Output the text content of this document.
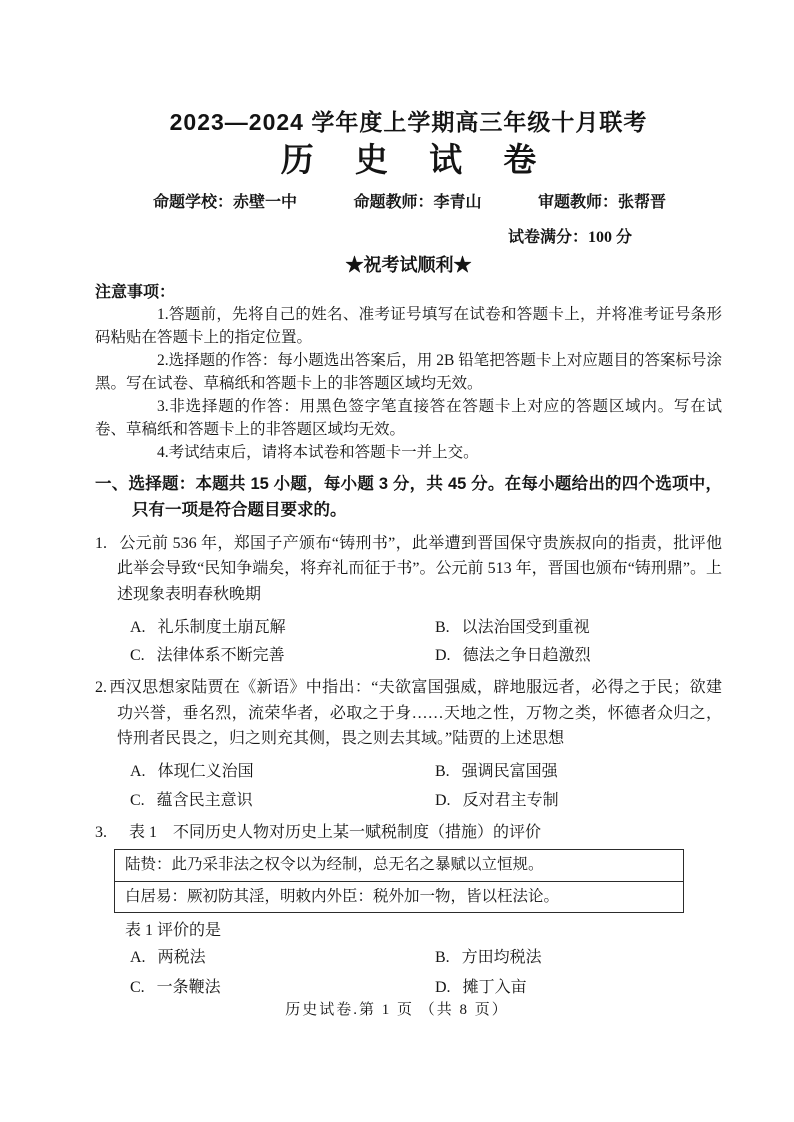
2023—2024 学年度上学期高三年级十月联考
历 史 试 卷
命题学校：赤壁一中	命题教师：李青山	审题教师：张帮晋
试卷满分：100 分
★祝考试顺利★
注意事项：

1.答题前，先将自己的姓名、准考证号填写在试卷和答题卡上，并将准考证号条形码粘贴在答题卡上的指定位置。

2.选择题的作答：每小题选出答案后，用 2B 铅笔把答题卡上对应题目的答案标号涂黑。写在试卷、草稿纸和答题卡上的非答题区域均无效。

3.非选择题的作答：用黑色签字笔直接答在答题卡上对应的答题区域内。写在试卷、草稿纸和答题卡上的非答题区域均无效。

4.考试结束后，请将本试卷和答题卡一并上交。

一、选择题：本题共 15 小题，每小题 3 分，共 45 分。在每小题给出的四个选项中，只有一项是符合题目要求的。

1. 公元前 536 年，郑国子产颁布“铸刑书”，此举遭到晋国保守贵族叔向的指责，批评他此举会导致“民知争端矣，将弃礼而征于书”。公元前 513 年，晋国也颁布“铸刑鼎”。上述现象表明春秋晚期

A. 礼乐制度土崩瓦解	B. 以法治国受到重视
C. 法律体系不断完善	D. 德法之争日趋激烈

2. 西汉思想家陆贾在《新语》中指出：“夫欲富国强威，辟地服远者，必得之于民；欲建功兴誉，垂名烈，流荣华者，必取之于身……天地之性，万物之类，怀德者众归之，恃刑者民畏之，归之则充其侧，畏之则去其域。”陆贾的上述思想

A. 体现仁义治国	B. 强调民富国强
C. 蕴含民主意识	D. 反对君主专制

3. 表 1　不同历史人物对历史上某一赋税制度（措施）的评价

陆贽：此乃采非法之权令以为经制，总无名之暴赋以立恒规。
白居易：厥初防其淫，明敕内外臣：税外加一物，皆以枉法论。

表 1 评价的是

A. 两税法	B. 方田均税法
C. 一条鞭法	D. 摊丁入亩
历史试卷.第 1 页 （共 8 页）
